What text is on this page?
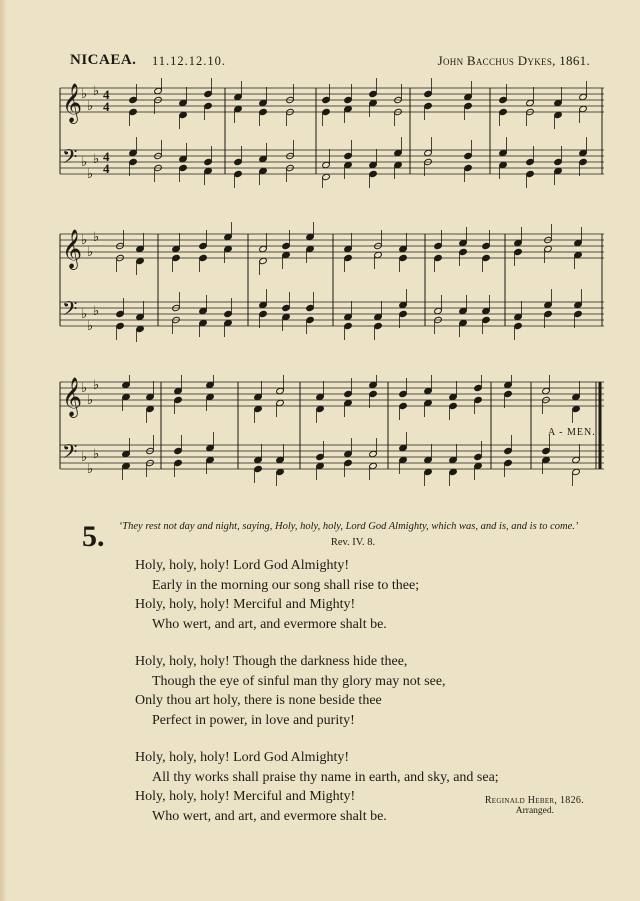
NICAEA. 11.12.12.10.	John Bacchus Dykes, 1861.
𝄞
𝄢
♭
♭
♭
♭
♭
♭
4
4
4
4
𝄞
𝄢
♭
♭
♭
♭
♭
♭
𝄞
𝄢
♭
♭
♭
♭
♭
♭
A - MEN.
5.	‘They rest not day and night, saying, Holy, holy, holy, Lord God Almighty, which was, and is, and is to come.’ Rev. IV. 8.
Holy, holy, holy! Lord God Almighty!
Early in the morning our song shall rise to thee;
Holy, holy, holy! Merciful and Mighty!
Who wert, and art, and evermore shalt be.
Holy, holy, holy! Though the darkness hide thee,
Though the eye of sinful man thy glory may not see,
Only thou art holy, there is none beside thee
Perfect in power, in love and purity!
Holy, holy, holy! Lord God Almighty!
All thy works shall praise thy name in earth, and sky, and sea;
Holy, holy, holy! Merciful and Mighty!
Who wert, and art, and evermore shalt be.
Reginald Heber, 1826.
Arranged.
